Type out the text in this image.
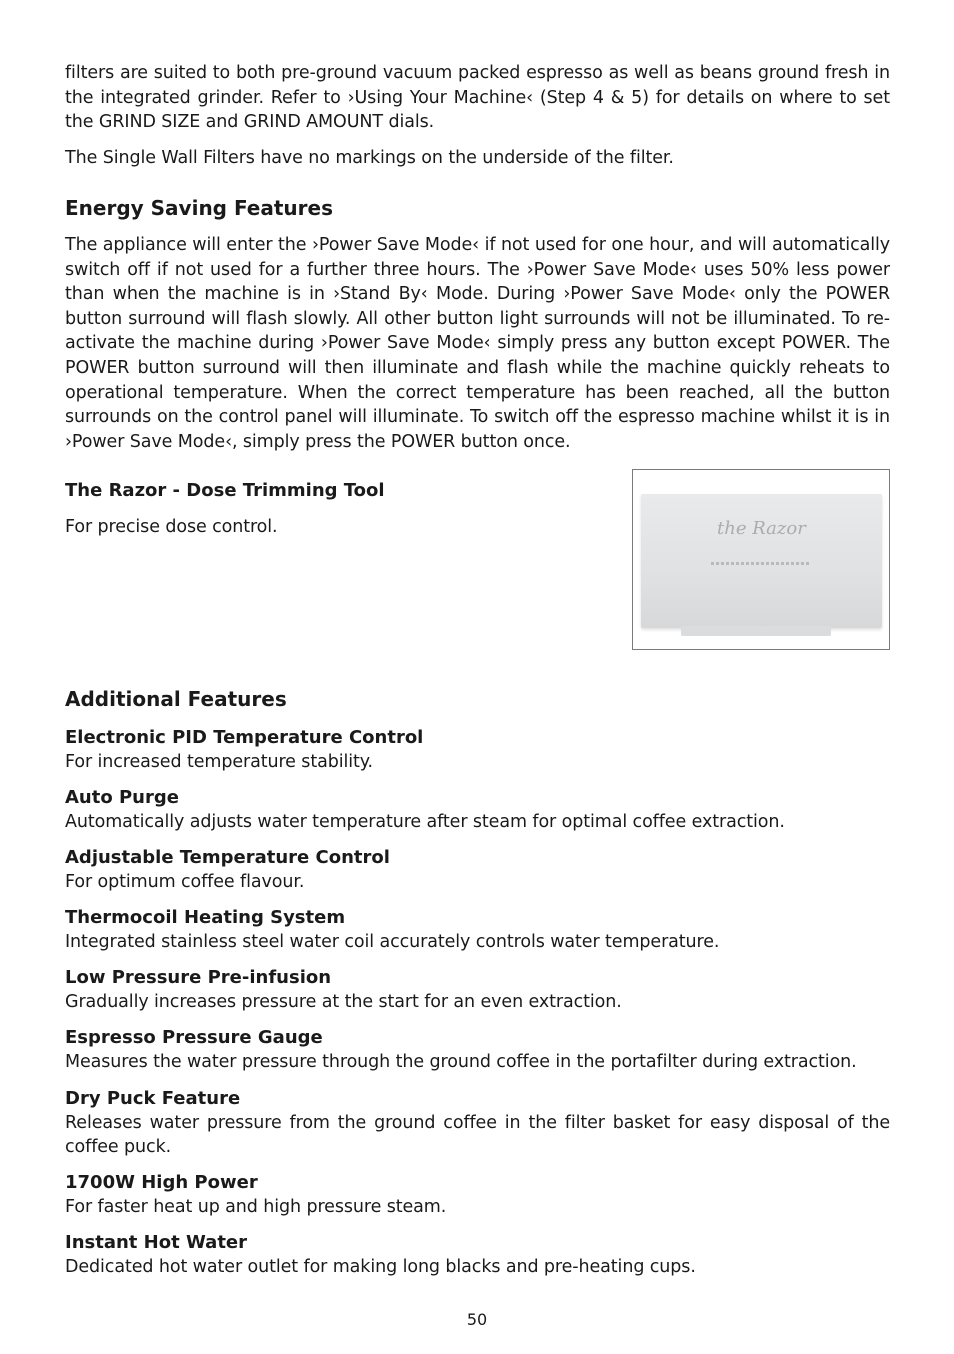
filters are suited to both pre-ground vacuum packed espresso as well as beans ground fresh in the integrated grinder. Refer to ›Using Your Machine‹ (Step 4 & 5) for details on where to set the GRIND SIZE and GRIND AMOUNT dials.

The Single Wall Filters have no markings on the underside of the filter.

Energy Saving Features

The appliance will enter the ›Power Save Mode‹ if not used for one hour, and will automatically switch off if not used for a further three hours. The ›Power Save Mode‹ uses 50% less power than when the machine is in ›Stand By‹ Mode. During ›Power Save Mode‹ only the POWER button surround will flash slowly. All other button light surrounds will not be illuminated. To re-activate the machine during ›Power Save Mode‹ simply press any button except POWER. The POWER button surround will then illuminate and flash while the machine quickly reheats to operational temperature. When the correct temperature has been reached, all the button surrounds on the control panel will illuminate. To switch off the espresso machine whilst it is in ›Power Save Mode‹, simply press the POWER button once.

The Razor - Dose Trimming Tool

For precise dose control.	the Razor
Additional Features
Electronic PID Temperature Control

For increased temperature stability.

Auto Purge

Automatically adjusts water temperature after steam for optimal coffee extraction.

Adjustable Temperature Control

For optimum coffee flavour.

Thermocoil Heating System

Integrated stainless steel water coil accurately controls water temperature.

Low Pressure Pre-infusion

Gradually increases pressure at the start for an even extraction.

Espresso Pressure Gauge

Measures the water pressure through the ground coffee in the portafilter during extraction.

Dry Puck Feature

Releases water pressure from the ground coffee in the filter basket for easy disposal of the coffee puck.

1700W High Power

For faster heat up and high pressure steam.

Instant Hot Water

Dedicated hot water outlet for making long blacks and pre-heating cups.

50
